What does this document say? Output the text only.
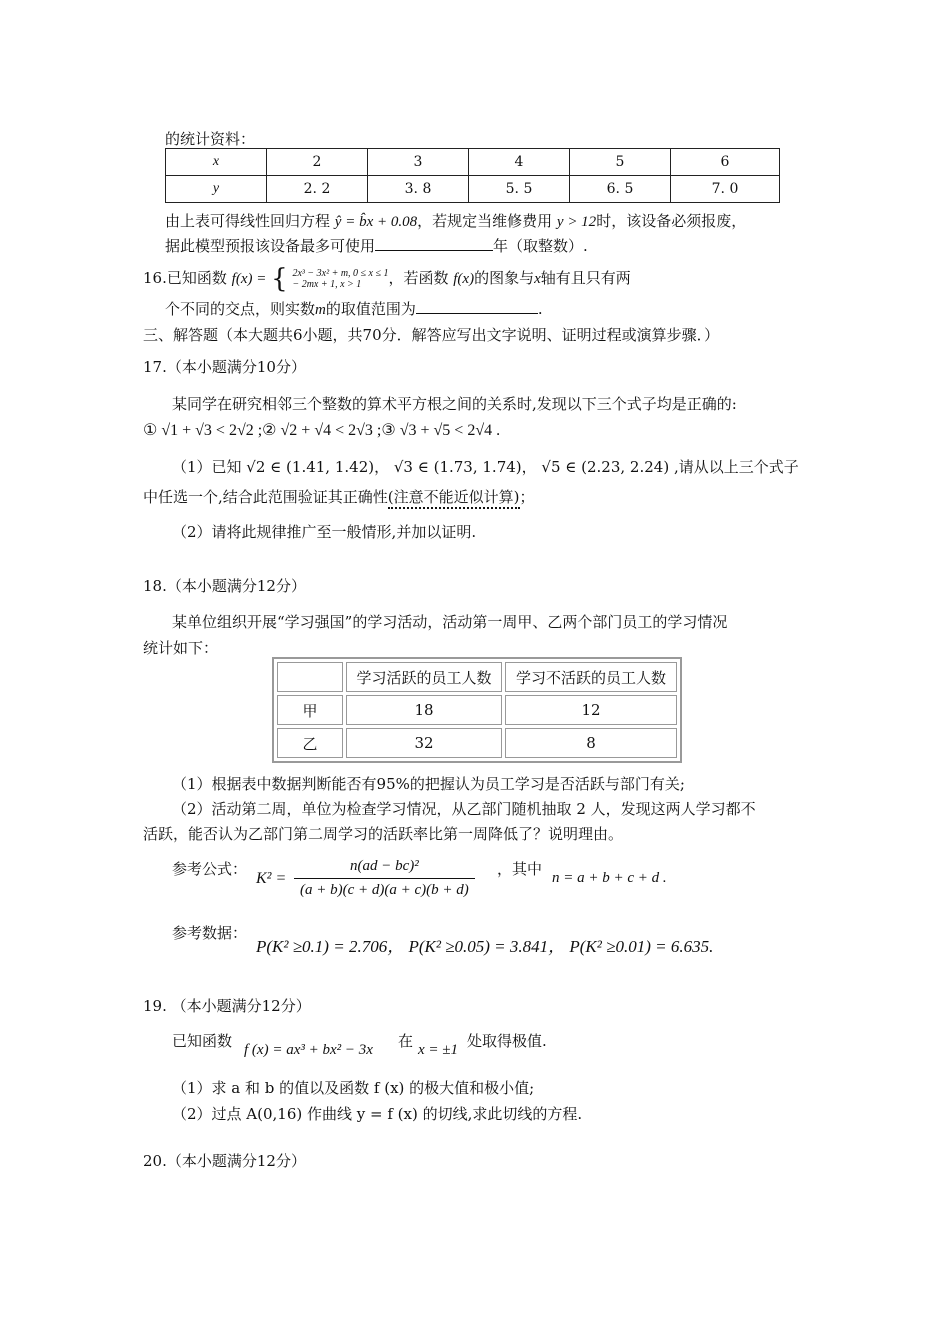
的统计资料：
x	2	3	4	5	6
y	2. 2	3. 8	5. 5	6. 5	7. 0
由上表可得线性回归方程 ŷ = b̂x + 0.08，若规定当维修费用 y > 12时，该设备必须报废，
据此模型预报该设备最多可使用	年（取整数）.
16.已知函数 f(x) = { 2x³ − 3x² + m, 0 ≤ x ≤ 1
− 2mx + 1, x > 1	，若函数 f(x)的图象与x轴有且只有两
个不同的交点，则实数m的取值范围为	.
三、解答题（本大题共6小题，共70分．解答应写出文字说明、证明过程或演算步骤．）
17.（本小题满分10分）
某同学在研究相邻三个整数的算术平方根之间的关系时,发现以下三个式子均是正确的:
① √1 + √3 < 2√2 ;② √2 + √4 < 2√3 ;③ √3 + √5 < 2√4 .
（1）已知 √2 ∈ (1.41, 1.42)， √3 ∈ (1.73, 1.74)， √5 ∈ (2.23, 2.24) ,请从以上三个式子
中任选一个,结合此范围验证其正确性(注意不能近似计算)；
（2）请将此规律推广至一般情形,并加以证明.
18.（本小题满分12分）
某单位组织开展“学习强国”的学习活动，活动第一周甲、乙两个部门员工的学习情况
统计如下：
	学习活跃的员工人数	学习不活跃的员工人数
甲	18	12
乙	32	8
（1）根据表中数据判断能否有95%的把握认为员工学习是否活跃与部门有关;
（2）活动第二周，单位为检查学习情况，从乙部门随机抽取 2 人，发现这两人学习都不
活跃，能否认为乙部门第二周学习的活跃率比第一周降低了？说明理由。
参考公式：
$K^2 = \frac{\text{n(ad − bc)²}}{(a + b)(c + d)(a + c)(b + d)}$ ，其中 n = a + b + c + d .
参考数据：
P(K² ≥0.1) = 2.706， P(K² ≥0.05) = 3.841， P(K² ≥0.01) = 6.635.
19. （本小题满分12分）
已知函数 f (x) = ax³ + bx² − 3x 在 x = ±1 处取得极值.
（1）求 a 和 b 的值以及函数 f (x) 的极大值和极小值;
（2）过点 A(0,16) 作曲线 y = f (x) 的切线,求此切线的方程.
20.（本小题满分12分）
